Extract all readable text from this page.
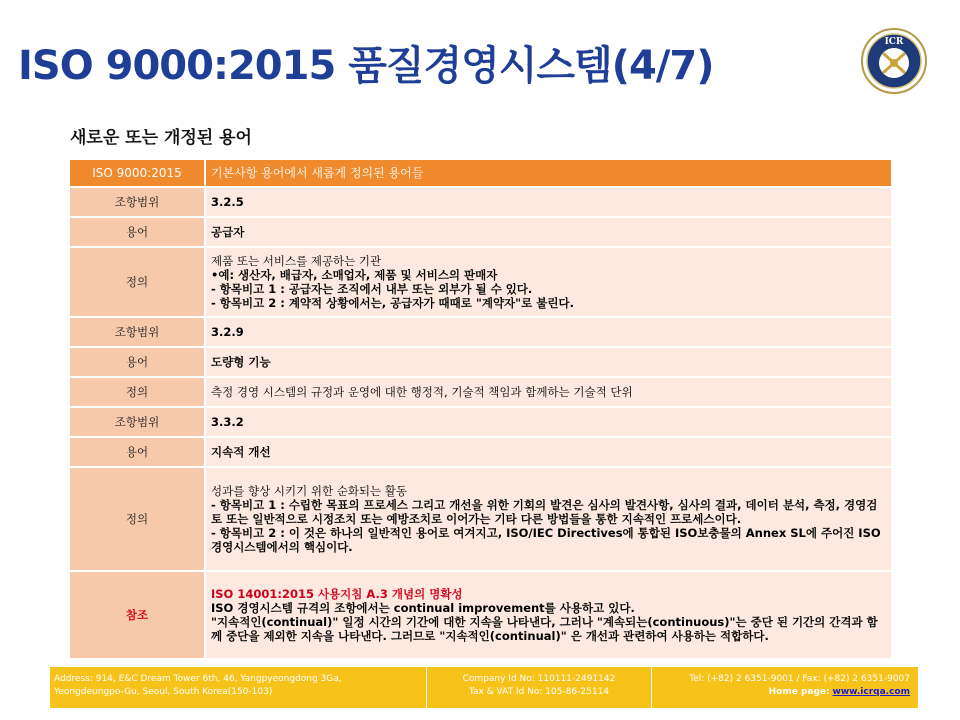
ISO 9000:2015 품질경영시스템(4/7)
ICR
새로운 또는 개정된 용어
ISO 9000:2015	기본사항 용어에서 새롭게 정의된 용어들
조항범위	3.2.5
용어	공급자
정의	제품 또는 서비스를 제공하는 기관
•예: 생산자, 배급자, 소매업자, 제품 및 서비스의 판매자
- 항목비고 1 : 공급자는 조직에서 내부 또는 외부가 될 수 있다.
- 항목비고 2 : 계약적 상황에서는, 공급자가 때때로 "계약자"로 불린다.

조항범위	3.2.9
용어	도량형 기능
정의	측정 경영 시스템의 규정과 운영에 대한 행정적, 기술적 책임과 함께하는 기술적 단위
조항범위	3.3.2
용어	지속적 개선
정의	성과를 향상 시키기 위한 순화되는 활동
- 항목비고 1 : 수립한 목표의 프로세스 그리고 개선을 위한 기회의 발견은 심사의 발견사항, 심사의 결과, 데이터 분석, 측정, 경영검토 또는 일반적으로 시정조치 또는 예방조치로 이어가는 기타 다른 방법들을 통한 지속적인 프로세스이다.
- 항목비고 2 : 이 것은 하나의 일반적인 용어로 여겨지고, ISO/IEC Directives에 통합된 ISO보충물의 Annex SL에 주어진 ISO 경영시스템에서의 핵심이다.

참조	ISO 14001:2015 사용지침 A.3 개념의 명확성
ISO 경영시스템 규격의 조항에서는 continual improvement를 사용하고 있다.
"지속적인(continual)" 일정 시간의 기간에 대한 지속을 나타낸다, 그러나 "계속되는(continuous)"는 중단 된 기간의 간격과 함께 중단을 제외한 지속을 나타낸다. 그러므로 "지속적인(continual)" 은 개선과 관련하여 사용하는 적합하다.
Address: 914, E&C Dream Tower 6th, 46, Yangpyeongdong 3Ga,
Yeongdeungpo-Gu, Seoul, South Korea(150-103)
Company Id No: 110111-2491142
Tax & VAT Id No: 105-86-25114
Tel: (+82) 2 6351-9001 / Fax: (+82) 2 6351-9007
Home page: www.icrqa.com
